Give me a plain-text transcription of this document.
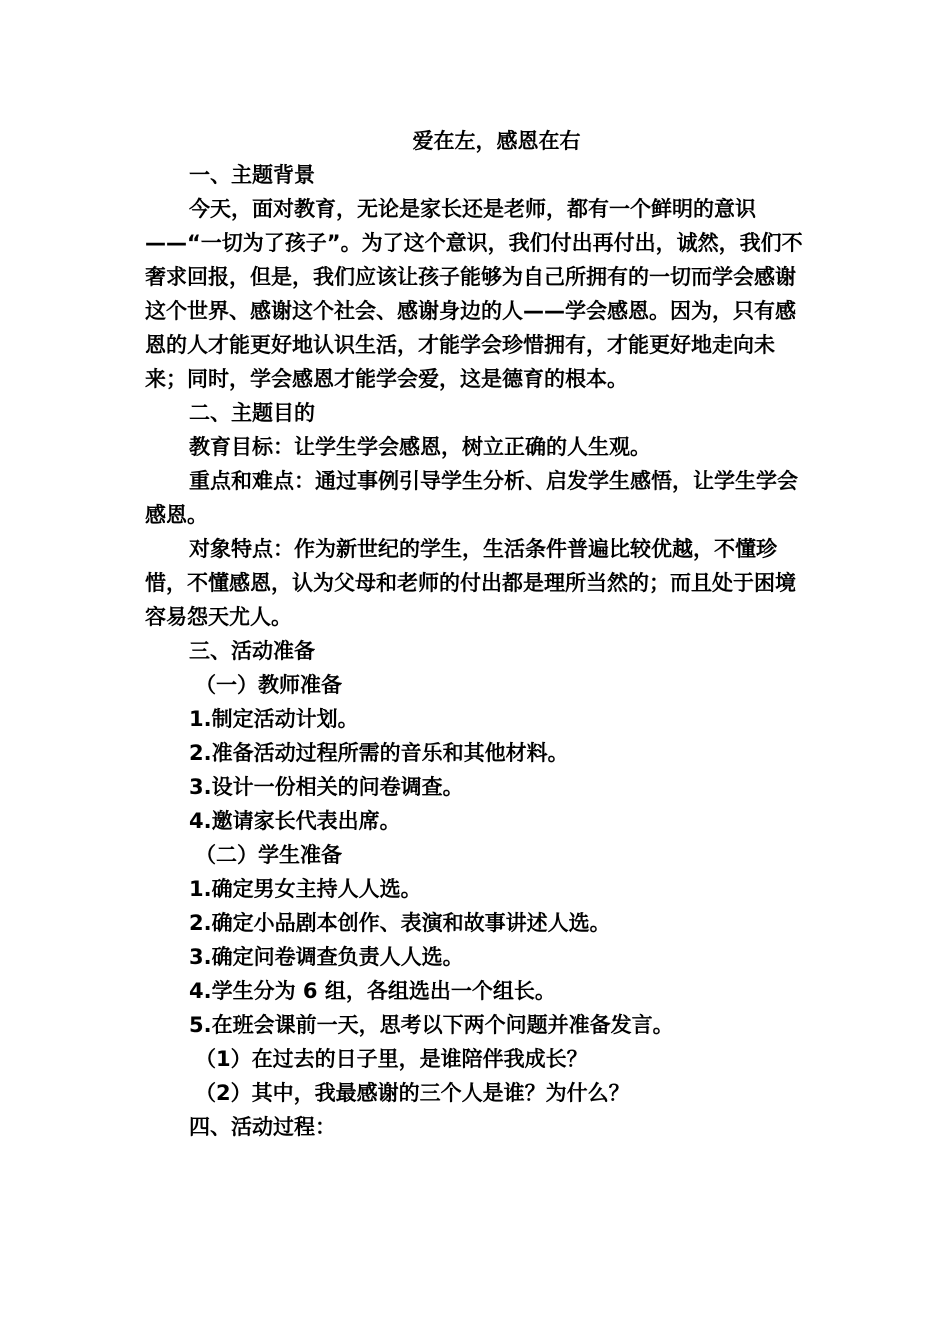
爱在左，感恩在右

一、主题背景

今天，面对教育，无论是家长还是老师，都有一个鲜明的意识——“一切为了孩子”。为了这个意识，我们付出再付出，诚然，我们不奢求回报，但是，我们应该让孩子能够为自己所拥有的一切而学会感谢这个世界、感谢这个社会、感谢身边的人——学会感恩。因为，只有感恩的人才能更好地认识生活，才能学会珍惜拥有，才能更好地走向未来；同时，学会感恩才能学会爱，这是德育的根本。

二、主题目的

教育目标：让学生学会感恩，树立正确的人生观。

重点和难点：通过事例引导学生分析、启发学生感悟，让学生学会感恩。

对象特点：作为新世纪的学生，生活条件普遍比较优越，不懂珍惜，不懂感恩，认为父母和老师的付出都是理所当然的；而且处于困境容易怨天尤人。

三、活动准备

（一）教师准备

1.制定活动计划。

2.准备活动过程所需的音乐和其他材料。

3.设计一份相关的问卷调查。

4.邀请家长代表出席。

（二）学生准备

1.确定男女主持人人选。

2.确定小品剧本创作、表演和故事讲述人选。

3.确定问卷调查负责人人选。

4.学生分为 6 组，各组选出一个组长。

5.在班会课前一天，思考以下两个问题并准备发言。

（1）在过去的日子里，是谁陪伴我成长？

（2）其中，我最感谢的三个人是谁？为什么？

四、活动过程：
